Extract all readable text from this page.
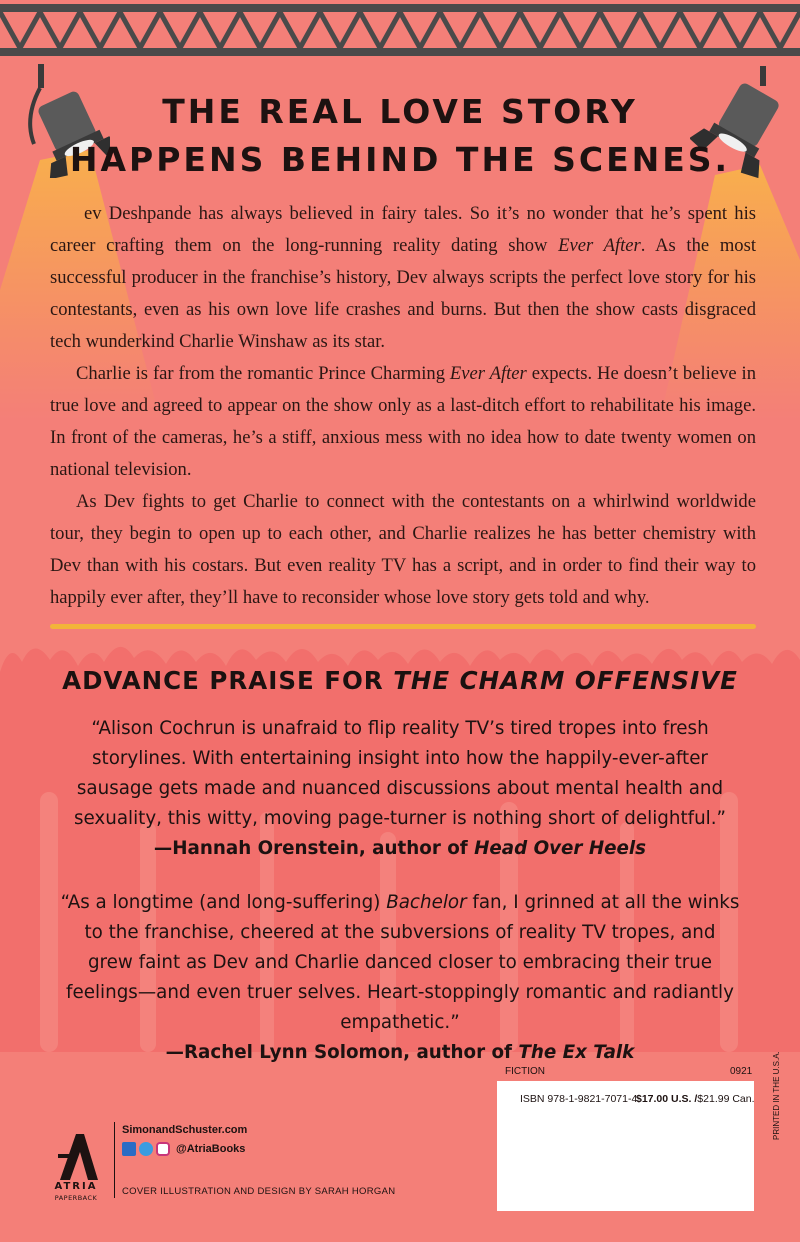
THE REAL LOVE STORY
HAPPENS BEHIND THE SCENES.

ev Deshpande has always believed in fairy tales. So it’s no wonder that he’s spent his career crafting them on the long-running reality dating show Ever After. As the most successful producer in the franchise’s history, Dev always scripts the perfect love story for his contestants, even as his own love life crashes and burns. But then the show casts disgraced tech wunderkind Charlie Winshaw as its star.

Charlie is far from the romantic Prince Charming Ever After expects. He doesn’t believe in true love and agreed to appear on the show only as a last-ditch effort to rehabilitate his image. In front of the cameras, he’s a stiff, anxious mess with no idea how to date twenty women on national television.

As Dev fights to get Charlie to connect with the contestants on a whirlwind worldwide tour, they begin to open up to each other, and Charlie realizes he has better chemistry with Dev than with his costars. But even reality TV has a script, and in order to find their way to happily ever after, they’ll have to reconsider whose love story gets told and why.

ADVANCE PRAISE FOR THE CHARM OFFENSIVE
“Alison Cochrun is unafraid to flip reality TV’s tired tropes into fresh storylines. With entertaining insight into how the happily-ever-after sausage gets made and nuanced discussions about mental health and sexuality, this witty, moving page-turner is nothing short of delightful.”
—Hannah Orenstein, author of Head Over Heels
“As a longtime (and long-suffering) Bachelor fan, I grinned at all the winks to the franchise, cheered at the subversions of reality TV tropes, and grew faint as Dev and Charlie danced closer to embracing their true feelings—and even truer selves. Heart-stoppingly romantic and radiantly empathetic.”
—Rachel Lynn Solomon, author of The Ex Talk
FICTION	0921
ISBN 978-1-9821-7071-4
$17.00 U.S. /$21.99 Can. PRINTED IN THE U.S.A.
ATRIA
PAPERBACK
SimonandSchuster.com
@AtriaBooks
COVER ILLUSTRATION AND DESIGN BY SARAH HORGAN
